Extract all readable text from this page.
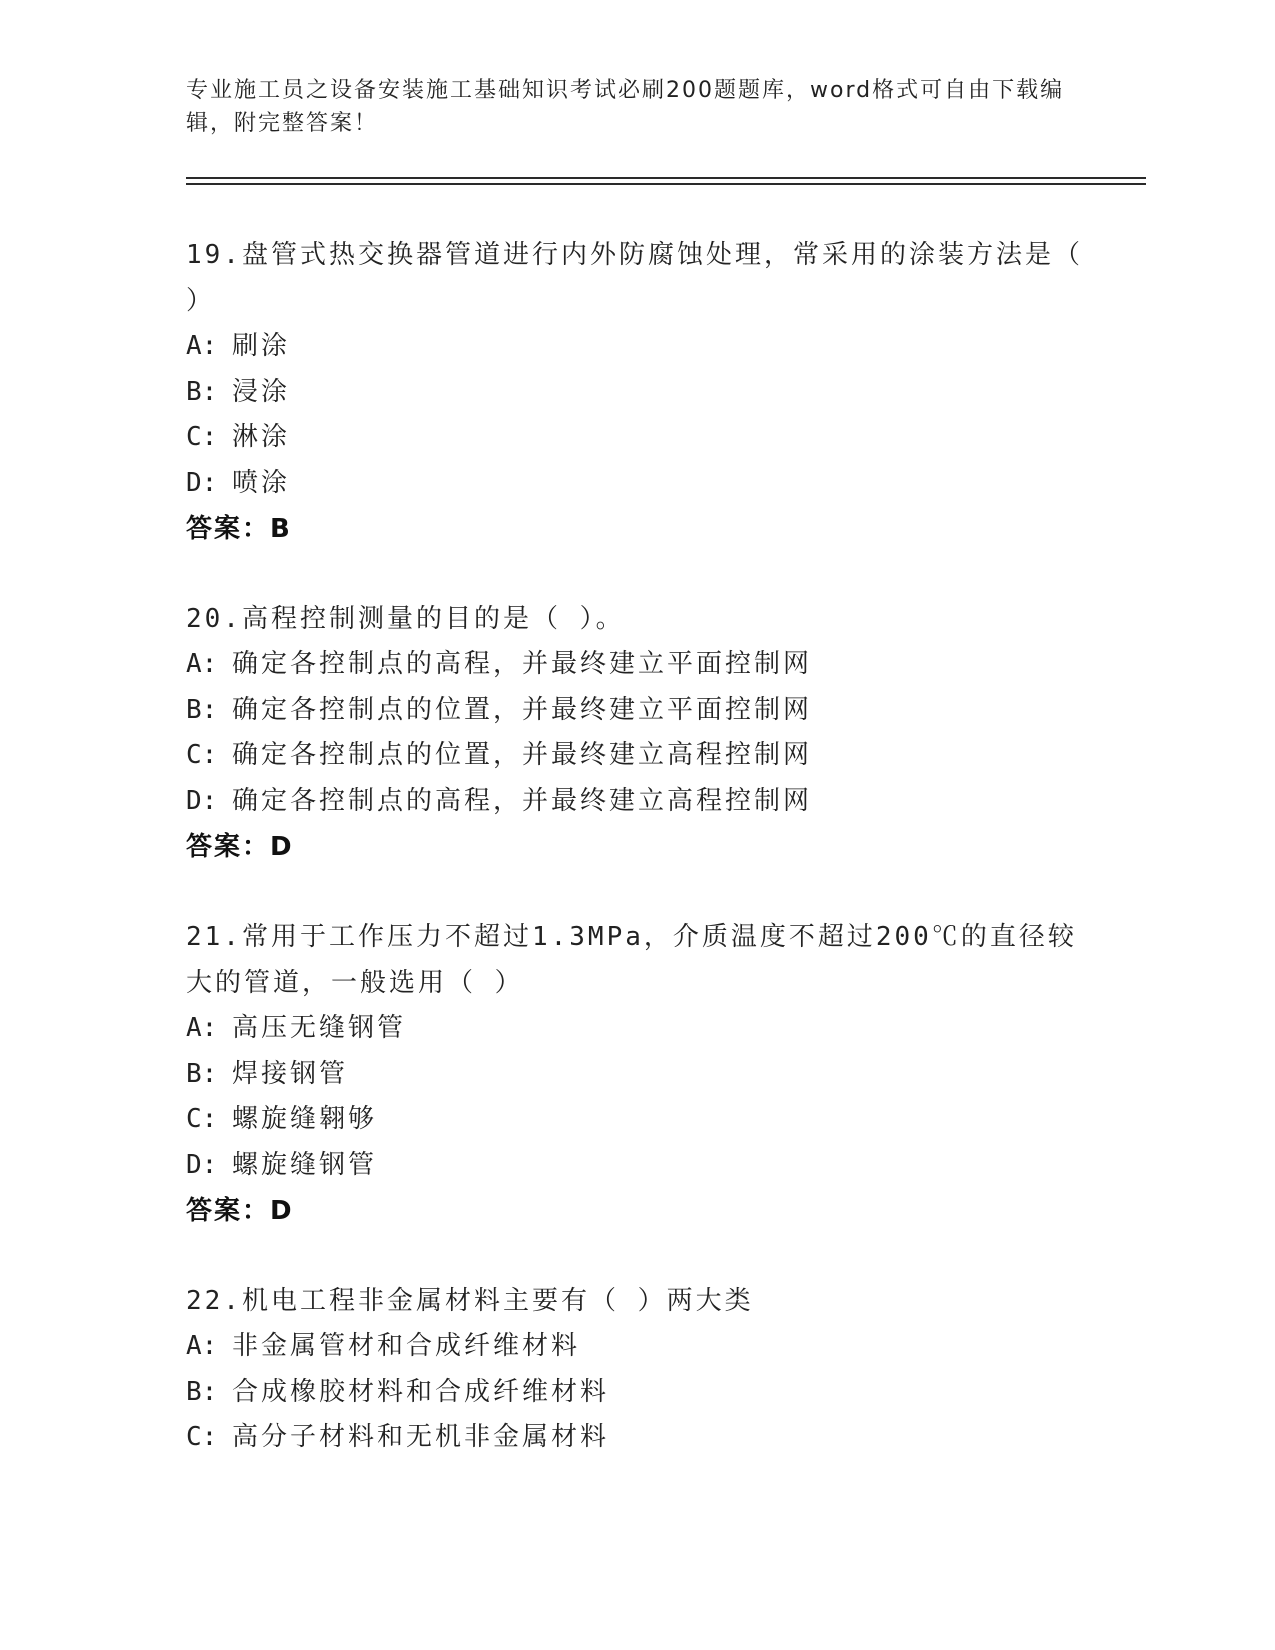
专业施工员之设备安装施工基础知识考试必刷200题题库，word格式可自由下载编辑，附完整答案！
19.盘管式热交换器管道进行内外防腐蚀处理，常采用的涂装方法是（ ）
A: 刷涂
B: 浸涂
C: 淋涂
D: 喷涂
答案：B
20.高程控制测量的目的是（ ）。
A: 确定各控制点的高程，并最终建立平面控制网
B: 确定各控制点的位置，并最终建立平面控制网
C: 确定各控制点的位置，并最终建立高程控制网
D: 确定各控制点的高程，并最终建立高程控制网
答案：D
21.常用于工作压力不超过1.3MPa，介质温度不超过200℃的直径较大的管道，一般选用（ ）
A: 高压无缝钢管
B: 焊接钢管
C: 螺旋缝翱够
D: 螺旋缝钢管
答案：D
22.机电工程非金属材料主要有（ ）两大类
A: 非金属管材和合成纤维材料
B: 合成橡胶材料和合成纤维材料
C: 高分子材料和无机非金属材料
